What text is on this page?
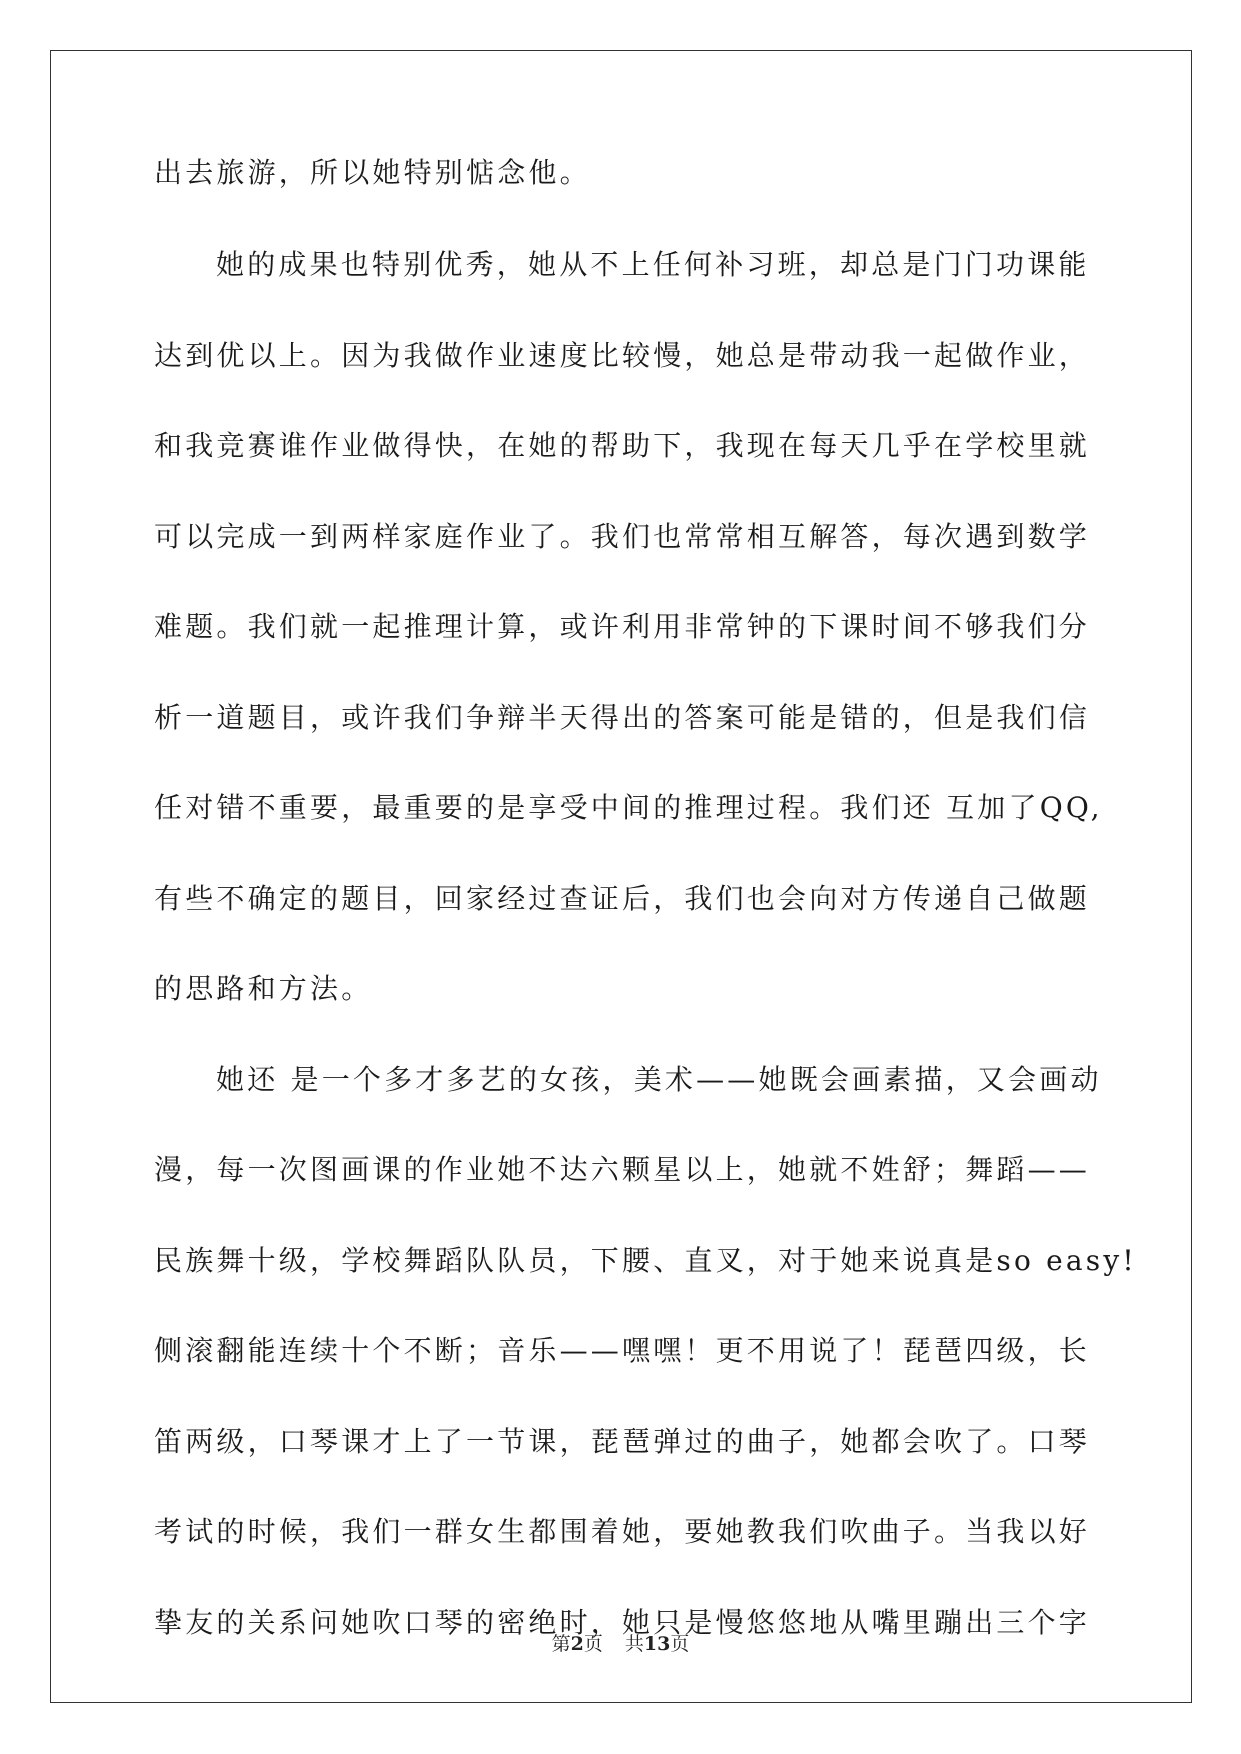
出去旅游，所以她特别惦念他。
她的成果也特别优秀，她从不上任何补习班，却总是门门功课能
达到优以上。因为我做作业速度比较慢，她总是带动我一起做作业，
和我竞赛谁作业做得快，在她的帮助下，我现在每天几乎在学校里就
可以完成一到两样家庭作业了。我们也常常相互解答，每次遇到数学
难题。我们就一起推理计算，或许利用非常钟的下课时间不够我们分
析一道题目，或许我们争辩半天得出的答案可能是错的，但是我们信
任对错不重要，最重要的是享受中间的推理过程。我们还 互加了QQ,
有些不确定的题目，回家经过查证后，我们也会向对方传递自己做题
的思路和方法。
她还 是一个多才多艺的女孩，美术——她既会画素描，又会画动
漫，每一次图画课的作业她不达六颗星以上，她就不姓舒；舞蹈——
民族舞十级，学校舞蹈队队员，下腰、直叉，对于她来说真是so easy!
侧滚翻能连续十个不断；音乐——嘿嘿！更不用说了！琵琶四级，长
笛两级，口琴课才上了一节课，琵琶弹过的曲子，她都会吹了。口琴
考试的时候，我们一群女生都围着她，要她教我们吹曲子。当我以好
挚友的关系问她吹口琴的密绝时，她只是慢悠悠地从嘴里蹦出三个字
第2页 共13页
